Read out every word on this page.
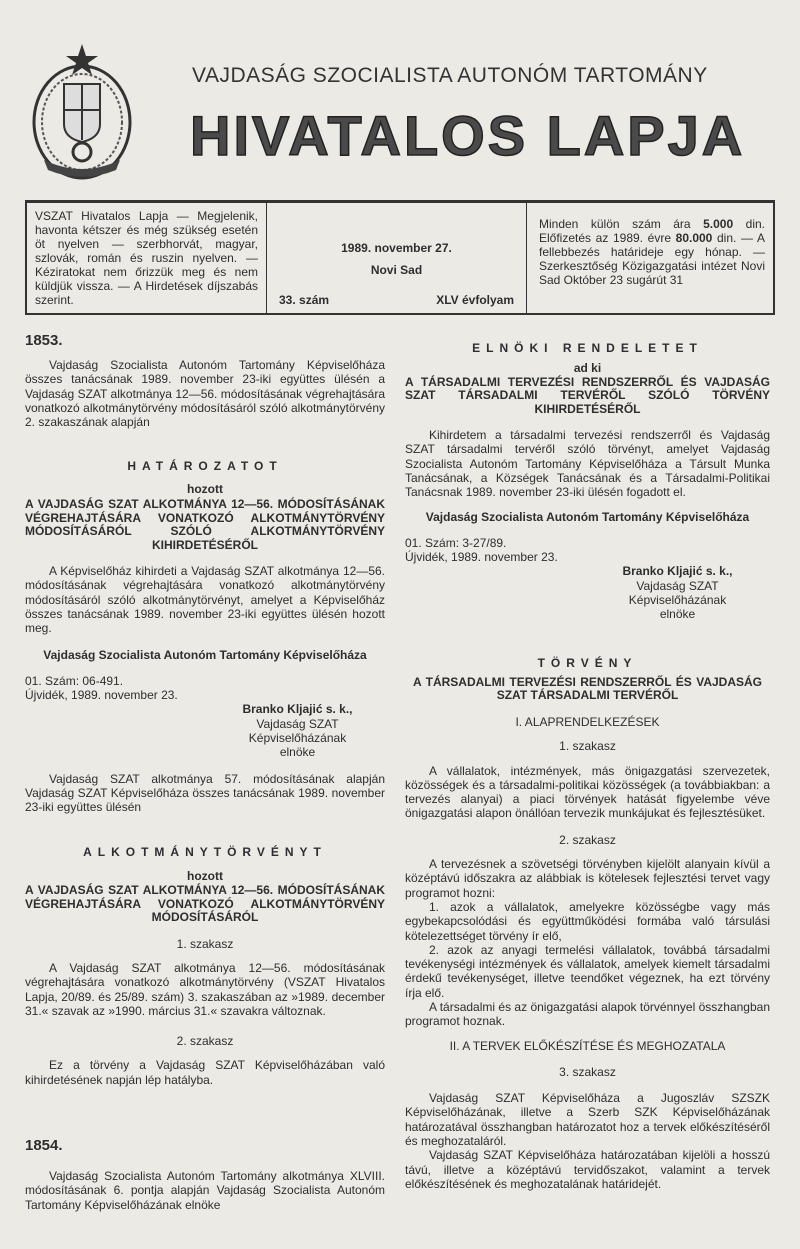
VAJDASÁG SZOCIALISTA AUTONÓM TARTOMÁNY
HIVATALOS LAPJA
VSZAT Hivatalos Lapja — Megjelenik, havonta kétszer és még szükség esetén öt nyelven — szerbhorvát, magyar, szlovák, román és ruszin nyelven. — Kéziratokat nem őrizzük meg és nem küldjük vissza. — A Hirdetések díjszabás szerint.
1989. november 27.
Novi Sad
33. szám	XLV évfolyam
Minden külön szám ára 5.000 din. Előfizetés az 1989. évre 80.000 din. — A fellebbezés határideje egy hónap. — Szerkesztőség Közigazgatási intézet Novi Sad Október 23 sugárút 31
1853.

Vajdaság Szocialista Autonóm Tartomány Képviselőháza összes tanácsának 1989. november 23-iki együttes ülésén a Vajdaság SZAT alkotmánya 12—56. módosításának végrehajtására vonatkozó alkotmánytörvény módosításáról szóló alkotmánytörvény 2. szakaszának alapján

HATÁROZATOT
hozott
A VAJDASÁG SZAT ALKOTMÁNYA 12—56. MÓDOSÍTÁSÁNAK VÉGREHAJTÁSÁRA VONATKOZÓ ALKOTMÁNYTÖRVÉNY MÓDOSÍTÁSÁRÓL SZÓLÓ ALKOTMÁNYTÖRVÉNY KIHIRDETÉSÉRŐL

A Képviselőház kihirdeti a Vajdaság SZAT alkotmánya 12—56. módosításának végrehajtására vonatkozó alkotmánytörvény módosításáról szóló alkotmánytörvényt, amelyet a Képviselőház összes tanácsának 1989. november 23-iki együttes ülésén hozott meg.

Vajdaság Szocialista Autonóm Tartomány Képviselőháza
01. Szám: 06-491.
Újvidék, 1989. november 23.
Branko Kljajić s. k.,
Vajdaság SZAT Képviselőházának
elnöke

Vajdaság SZAT alkotmánya 57. módosításának alapján Vajdaság SZAT Képviselőháza összes tanácsának 1989. november 23-iki együttes ülésén

ALKOTMÁNYTÖRVÉNYT
hozott
A VAJDASÁG SZAT ALKOTMÁNYA 12—56. MÓDOSÍTÁSÁNAK VÉGREHAJTÁSÁRA VONATKOZÓ ALKOTMÁNYTÖRVÉNY MÓDOSÍTÁSÁRÓL
1. szakasz

A Vajdaság SZAT alkotmánya 12—56. módosításának végrehajtására vonatkozó alkotmánytörvény (VSZAT Hivatalos Lapja, 20/89. és 25/89. szám) 3. szakaszában az »1989. december 31.« szavak az »1990. március 31.« szavakra változnak.

2. szakasz

Ez a törvény a Vajdaság SZAT Képviselőházában való kihirdetésének napján lép hatályba.

1854.

Vajdaság Szocialista Autonóm Tartomány alkotmánya XLVIII. módosításának 6. pontja alapján Vajdaság Szocialista Autonóm Tartomány Képviselőházának elnöke

ELNÖKI RENDELETET
ad ki
A TÁRSADALMI TERVEZÉSI RENDSZERRŐL ÉS VAJDASÁG SZAT TÁRSADALMI TERVÉRŐL SZÓLÓ TÖRVÉNY KIHIRDETÉSÉRŐL

Kihirdetem a társadalmi tervezési rendszerről és Vajdaság SZAT társadalmi tervéről szóló törvényt, amelyet Vajdaság Szocialista Autonóm Tartomány Képviselőháza a Társult Munka Tanácsának, a Községek Tanácsának és a Társadalmi-Politikai Tanácsnak 1989. november 23-iki ülésén fogadott el.

Vajdaság Szocialista Autonóm Tartomány Képviselőháza
01. Szám: 3-27/89.
Újvidék, 1989. november 23.
Branko Kljajić s. k.,
Vajdaság SZAT Képviselőházának
elnöke
TÖRVÉNY
A TÁRSADALMI TERVEZÉSI RENDSZERRŐL ÉS VAJDASÁG SZAT TÁRSADALMI TERVÉRŐL
I. ALAPRENDELKEZÉSEK
1. szakasz

A vállalatok, intézmények, más önigazgatási szervezetek, közösségek és a társadalmi-politikai közösségek (a továbbiakban: a tervezés alanyai) a piaci törvények hatását figyelembe véve önigazgatási alapon önállóan tervezik munkájukat és fejlesztésüket.

2. szakasz

A tervezésnek a szövetségi törvényben kijelölt alanyain kívül a középtávú időszakra az alábbiak is kötelesek fejlesztési tervet vagy programot hozni:

1. azok a vállalatok, amelyekre közösségbe vagy más egybekapcsolódási és együttműködési formába való társulási kötelezettséget törvény ír elő,

2. azok az anyagi termelési vállalatok, továbbá társadalmi tevékenységi intézmények és vállalatok, amelyek kiemelt társadalmi érdekű tevékenységet, illetve teendőket végeznek, ha ezt törvény írja elő.

A társadalmi és az önigazgatási alapok törvénnyel összhangban programot hoznak.

II. A TERVEK ELŐKÉSZÍTÉSE ÉS MEGHOZATALA
3. szakasz

Vajdaság SZAT Képviselőháza a Jugoszláv SZSZK Képviselőházának, illetve a Szerb SZK Képviselőházának határozatával összhangban határozatot hoz a tervek előkészítéséről és meghozataláról.

Vajdaság SZAT Képviselőháza határozatában kijelöli a hosszú távú, illetve a középtávú tervidőszakot, valamint a tervek előkészítésének és meghozatalának határidejét.
